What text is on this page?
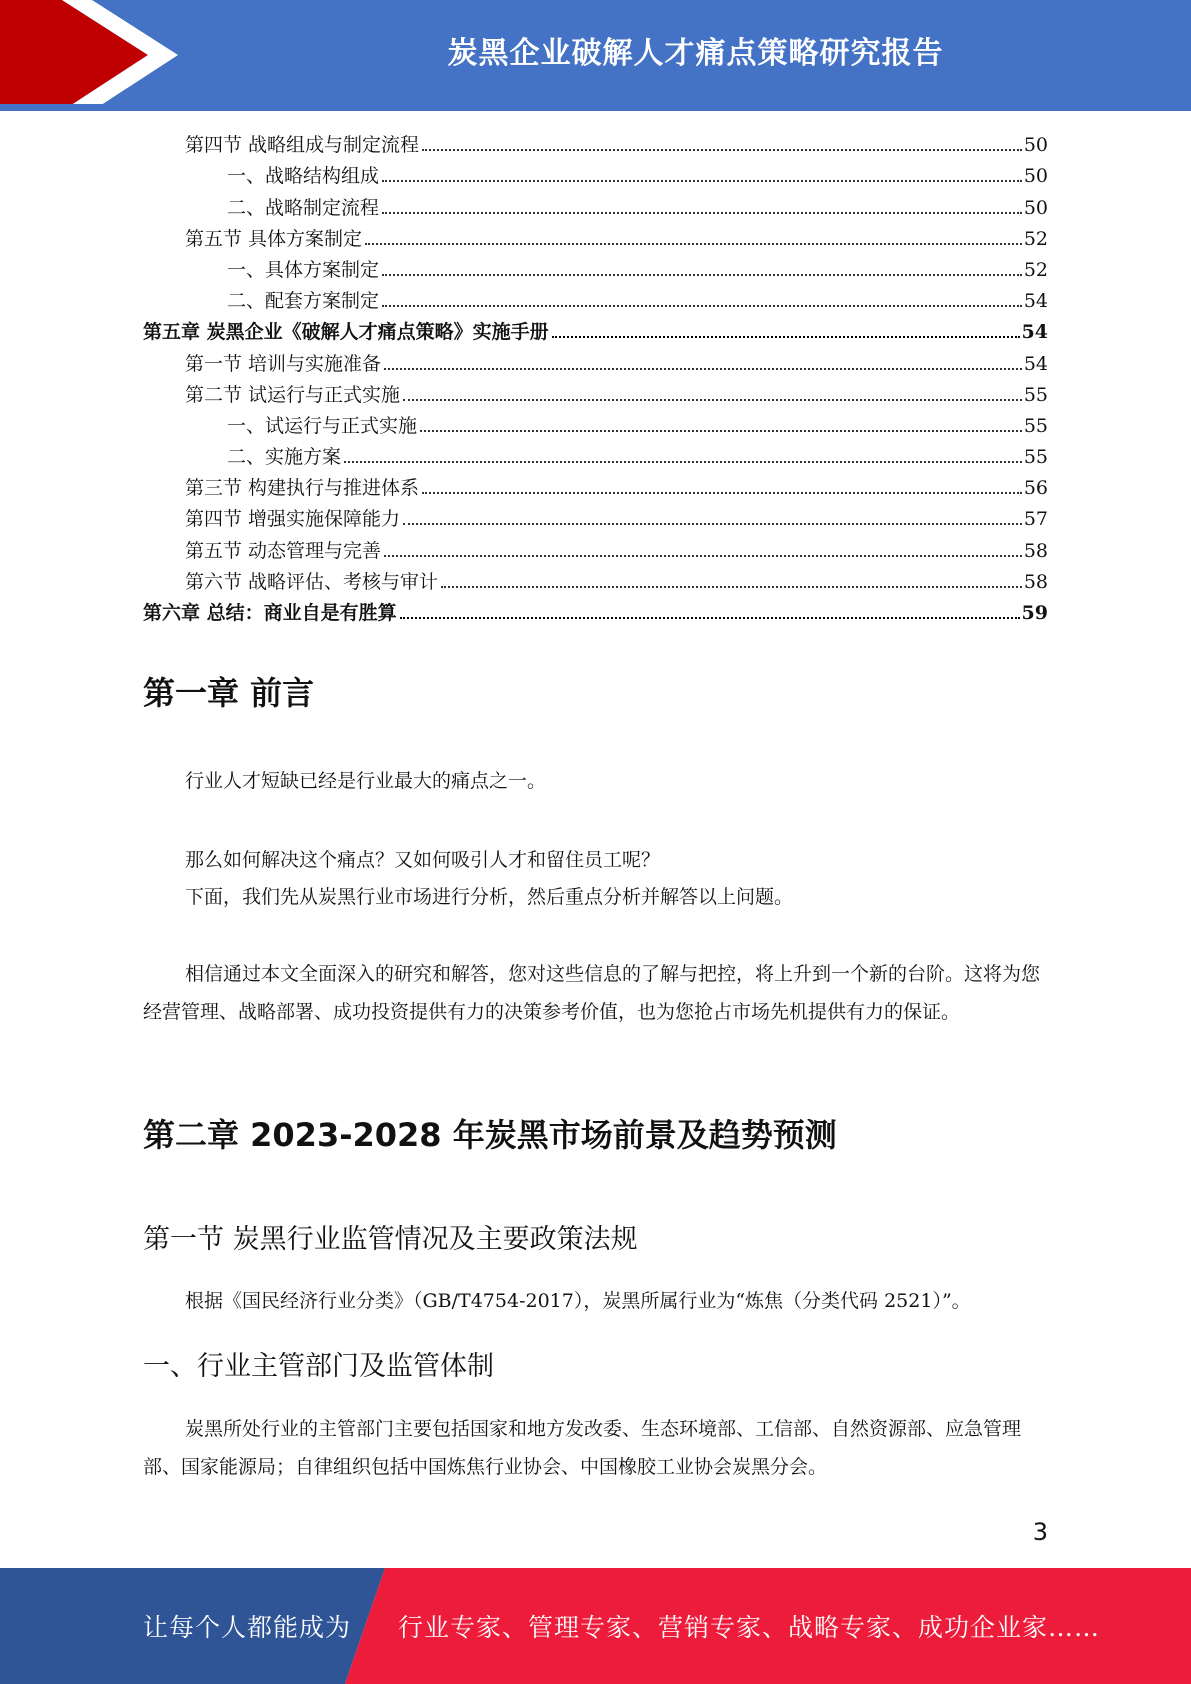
炭黑企业破解人才痛点策略研究报告
第四节 战略组成与制定流程	50
一、战略结构组成	50
二、战略制定流程	50
第五节 具体方案制定	52
一、具体方案制定	52
二、配套方案制定	54
第五章 炭黑企业《破解人才痛点策略》实施手册	54
第一节 培训与实施准备	54
第二节 试运行与正式实施	55
一、试运行与正式实施	55
二、实施方案	55
第三节 构建执行与推进体系	56
第四节 增强实施保障能力	57
第五节 动态管理与完善	58
第六节 战略评估、考核与审计	58
第六章 总结：商业自是有胜算	59
第一章 前言

行业人才短缺已经是行业最大的痛点之一。

那么如何解决这个痛点？又如何吸引人才和留住员工呢？

下面，我们先从炭黑行业市场进行分析，然后重点分析并解答以上问题。

相信通过本文全面深入的研究和解答，您对这些信息的了解与把控，将上升到一个新的台阶。这将为您经营管理、战略部署、成功投资提供有力的决策参考价值，也为您抢占市场先机提供有力的保证。

第二章 2023-2028 年炭黑市场前景及趋势预测
第一节 炭黑行业监管情况及主要政策法规

根据《国民经济行业分类》（GB/T4754-2017），炭黑所属行业为“炼焦（分类代码 2521）”。

一、行业主管部门及监管体制

炭黑所处行业的主管部门主要包括国家和地方发改委、生态环境部、工信部、自然资源部、应急管理部、国家能源局；自律组织包括中国炼焦行业协会、中国橡胶工业协会炭黑分会。

3
让每个人都能成为 行业专家、管理专家、营销专家、战略专家、成功企业家……
